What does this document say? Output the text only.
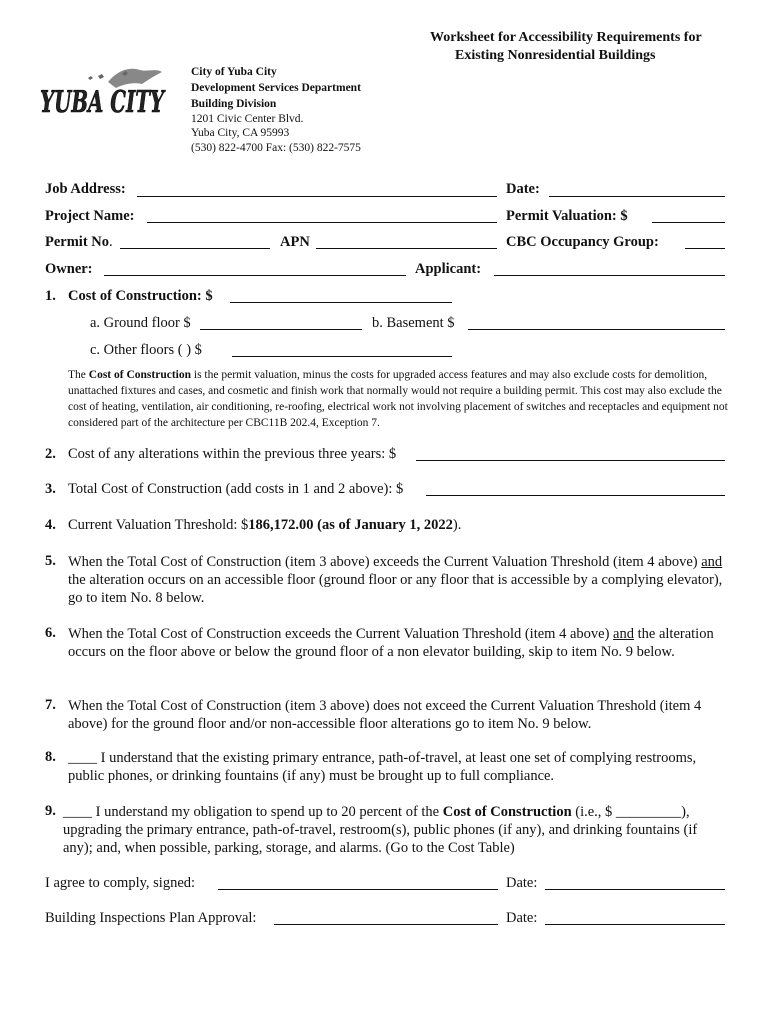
Worksheet for Accessibility Requirements for
Existing Nonresidential Buildings
YUBA CITY
City of Yuba City
Development Services Department
Building Division
1201 Civic Center Blvd.
Yuba City, CA 95993
(530) 822-4700 Fax: (530) 822-7575
Job Address:	Date:
Project Name:	Permit Valuation: $
Permit No.	APN	CBC Occupancy Group:
Owner:	Applicant:
1. Cost of Construction: $
a. Ground floor $	b. Basement $
c. Other floors ( ) $
The Cost of Construction is the permit valuation, minus the costs for upgraded access features and may also exclude costs for demolition, unattached fixtures and cases, and cosmetic and finish work that normally would not require a building permit. This cost may also exclude the cost of heating, ventilation, air conditioning, re-roofing, electrical work not involving placement of switches and receptacles and equipment not considered part of the architecture per CBC11B 202.4, Exception 7.
2. Cost of any alterations within the previous three years: $
3. Total Cost of Construction (add costs in 1 and 2 above): $
4. Current Valuation Threshold: $186,172.00 (as of January 1, 2022).
5. When the Total Cost of Construction (item 3 above) exceeds the Current Valuation Threshold (item 4 above) and the alteration occurs on an accessible floor (ground floor or any floor that is accessible by a complying elevator), go to item No. 8 below.
6. When the Total Cost of Construction exceeds the Current Valuation Threshold (item 4 above) and the alteration occurs on the floor above or below the ground floor of a non elevator building, skip to item No. 9 below.
7. When the Total Cost of Construction (item 3 above) does not exceed the Current Valuation Threshold (item 4 above) for the ground floor and/or non-accessible floor alterations go to item No. 9 below.
8. ____ I understand that the existing primary entrance, path-of-travel, at least one set of complying restrooms, public phones, or drinking fountains (if any) must be brought up to full compliance.
9. ____ I understand my obligation to spend up to 20 percent of the Cost of Construction (i.e., $ _________), upgrading the primary entrance, path-of-travel, restroom(s), public phones (if any), and drinking fountains (if any); and, when possible, parking, storage, and alarms. (Go to the Cost Table)
I agree to comply, signed:	Date:
Building Inspections Plan Approval:	Date:
